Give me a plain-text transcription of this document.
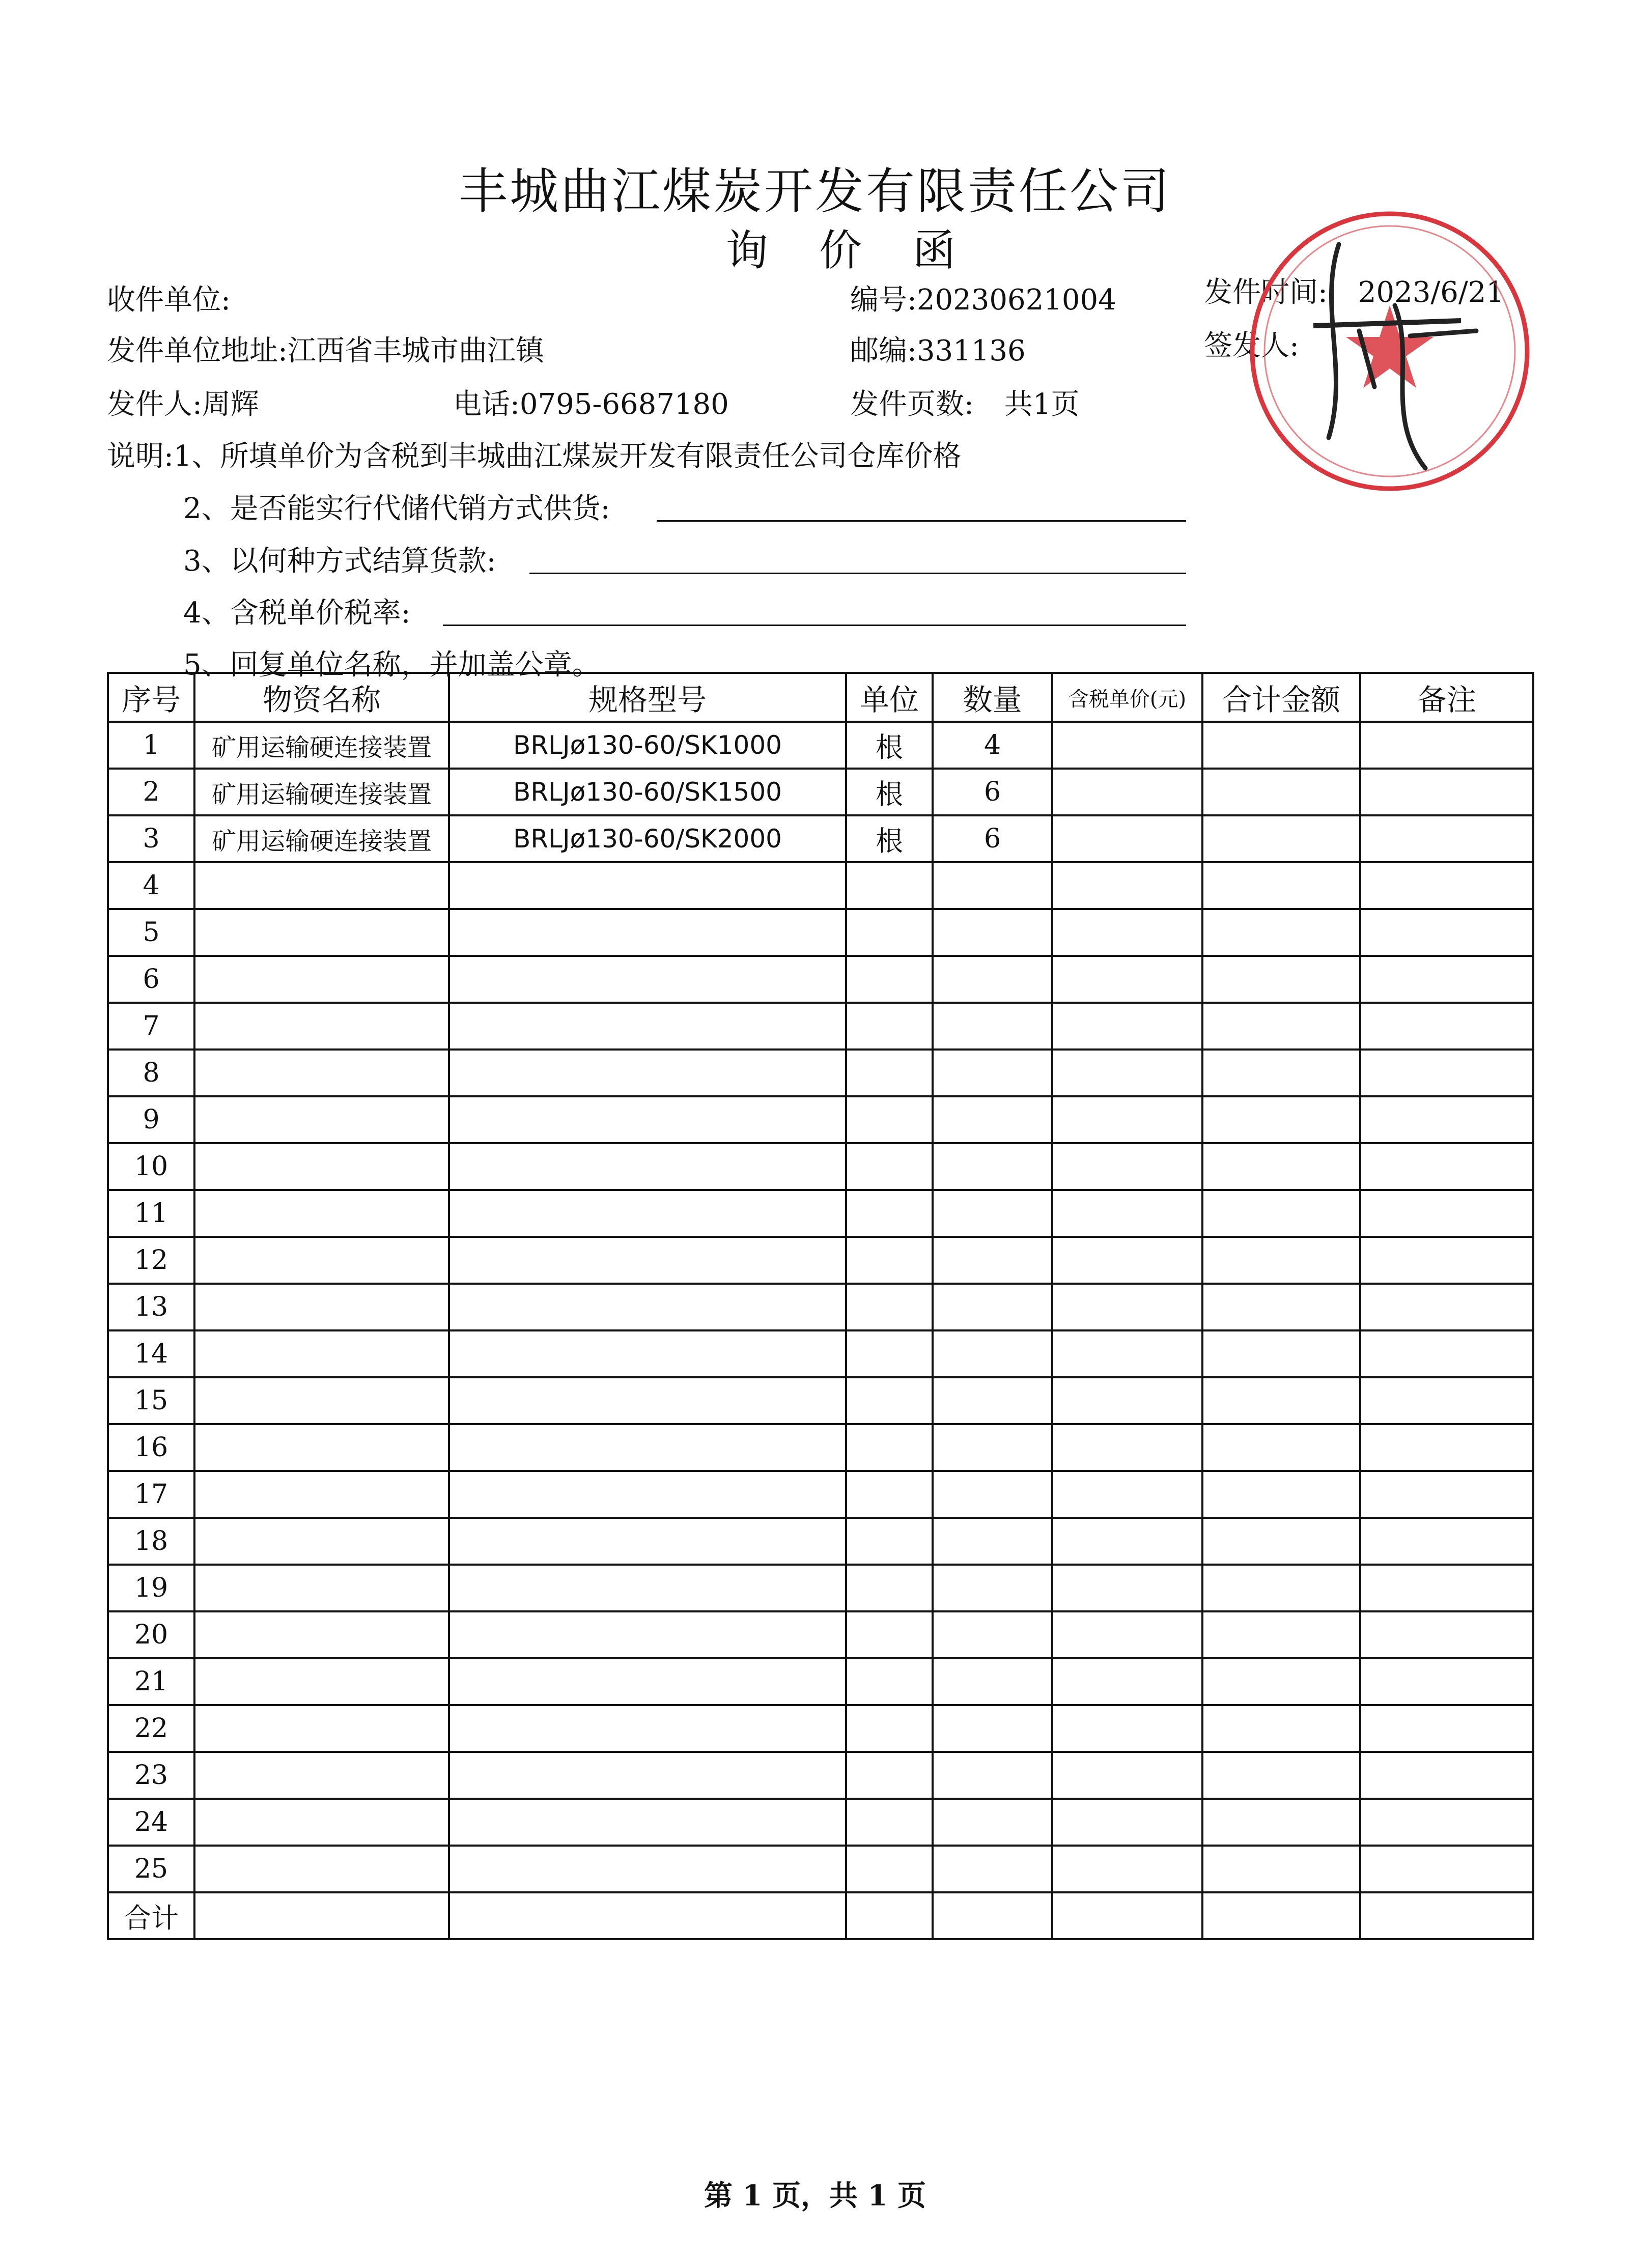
丰城曲江煤炭开发有限责任公司
询价函
收件单位:	编号:20230621004	发件时间: 2023/6/21
发件单位地址:江西省丰城市曲江镇	邮编:331136	签发人:
发件人:周辉	电话:0795-6687180	发件页数: 共1页
说明:1、所填单价为含税到丰城曲江煤炭开发有限责任公司仓库价格
2、是否能实行代储代销方式供货:
3、以何种方式结算货款:
4、含税单价税率:
5、回复单位名称，并加盖公章。
序号	物资名称	规格型号	单位	数量	含税单价(元)	合计金额	备注
1	矿用运输硬连接装置	BRLJø130-60/SK1000	根	4			
2	矿用运输硬连接装置	BRLJø130-60/SK1500	根	6			
3	矿用运输硬连接装置	BRLJø130-60/SK2000	根	6			
4							
5							
6							
7							
8							
9							
10							
11							
12							
13							
14							
15							
16							
17							
18							
19							
20							
21							
22							
23							
24							
25							
合计							
第 1 页，共 1 页
